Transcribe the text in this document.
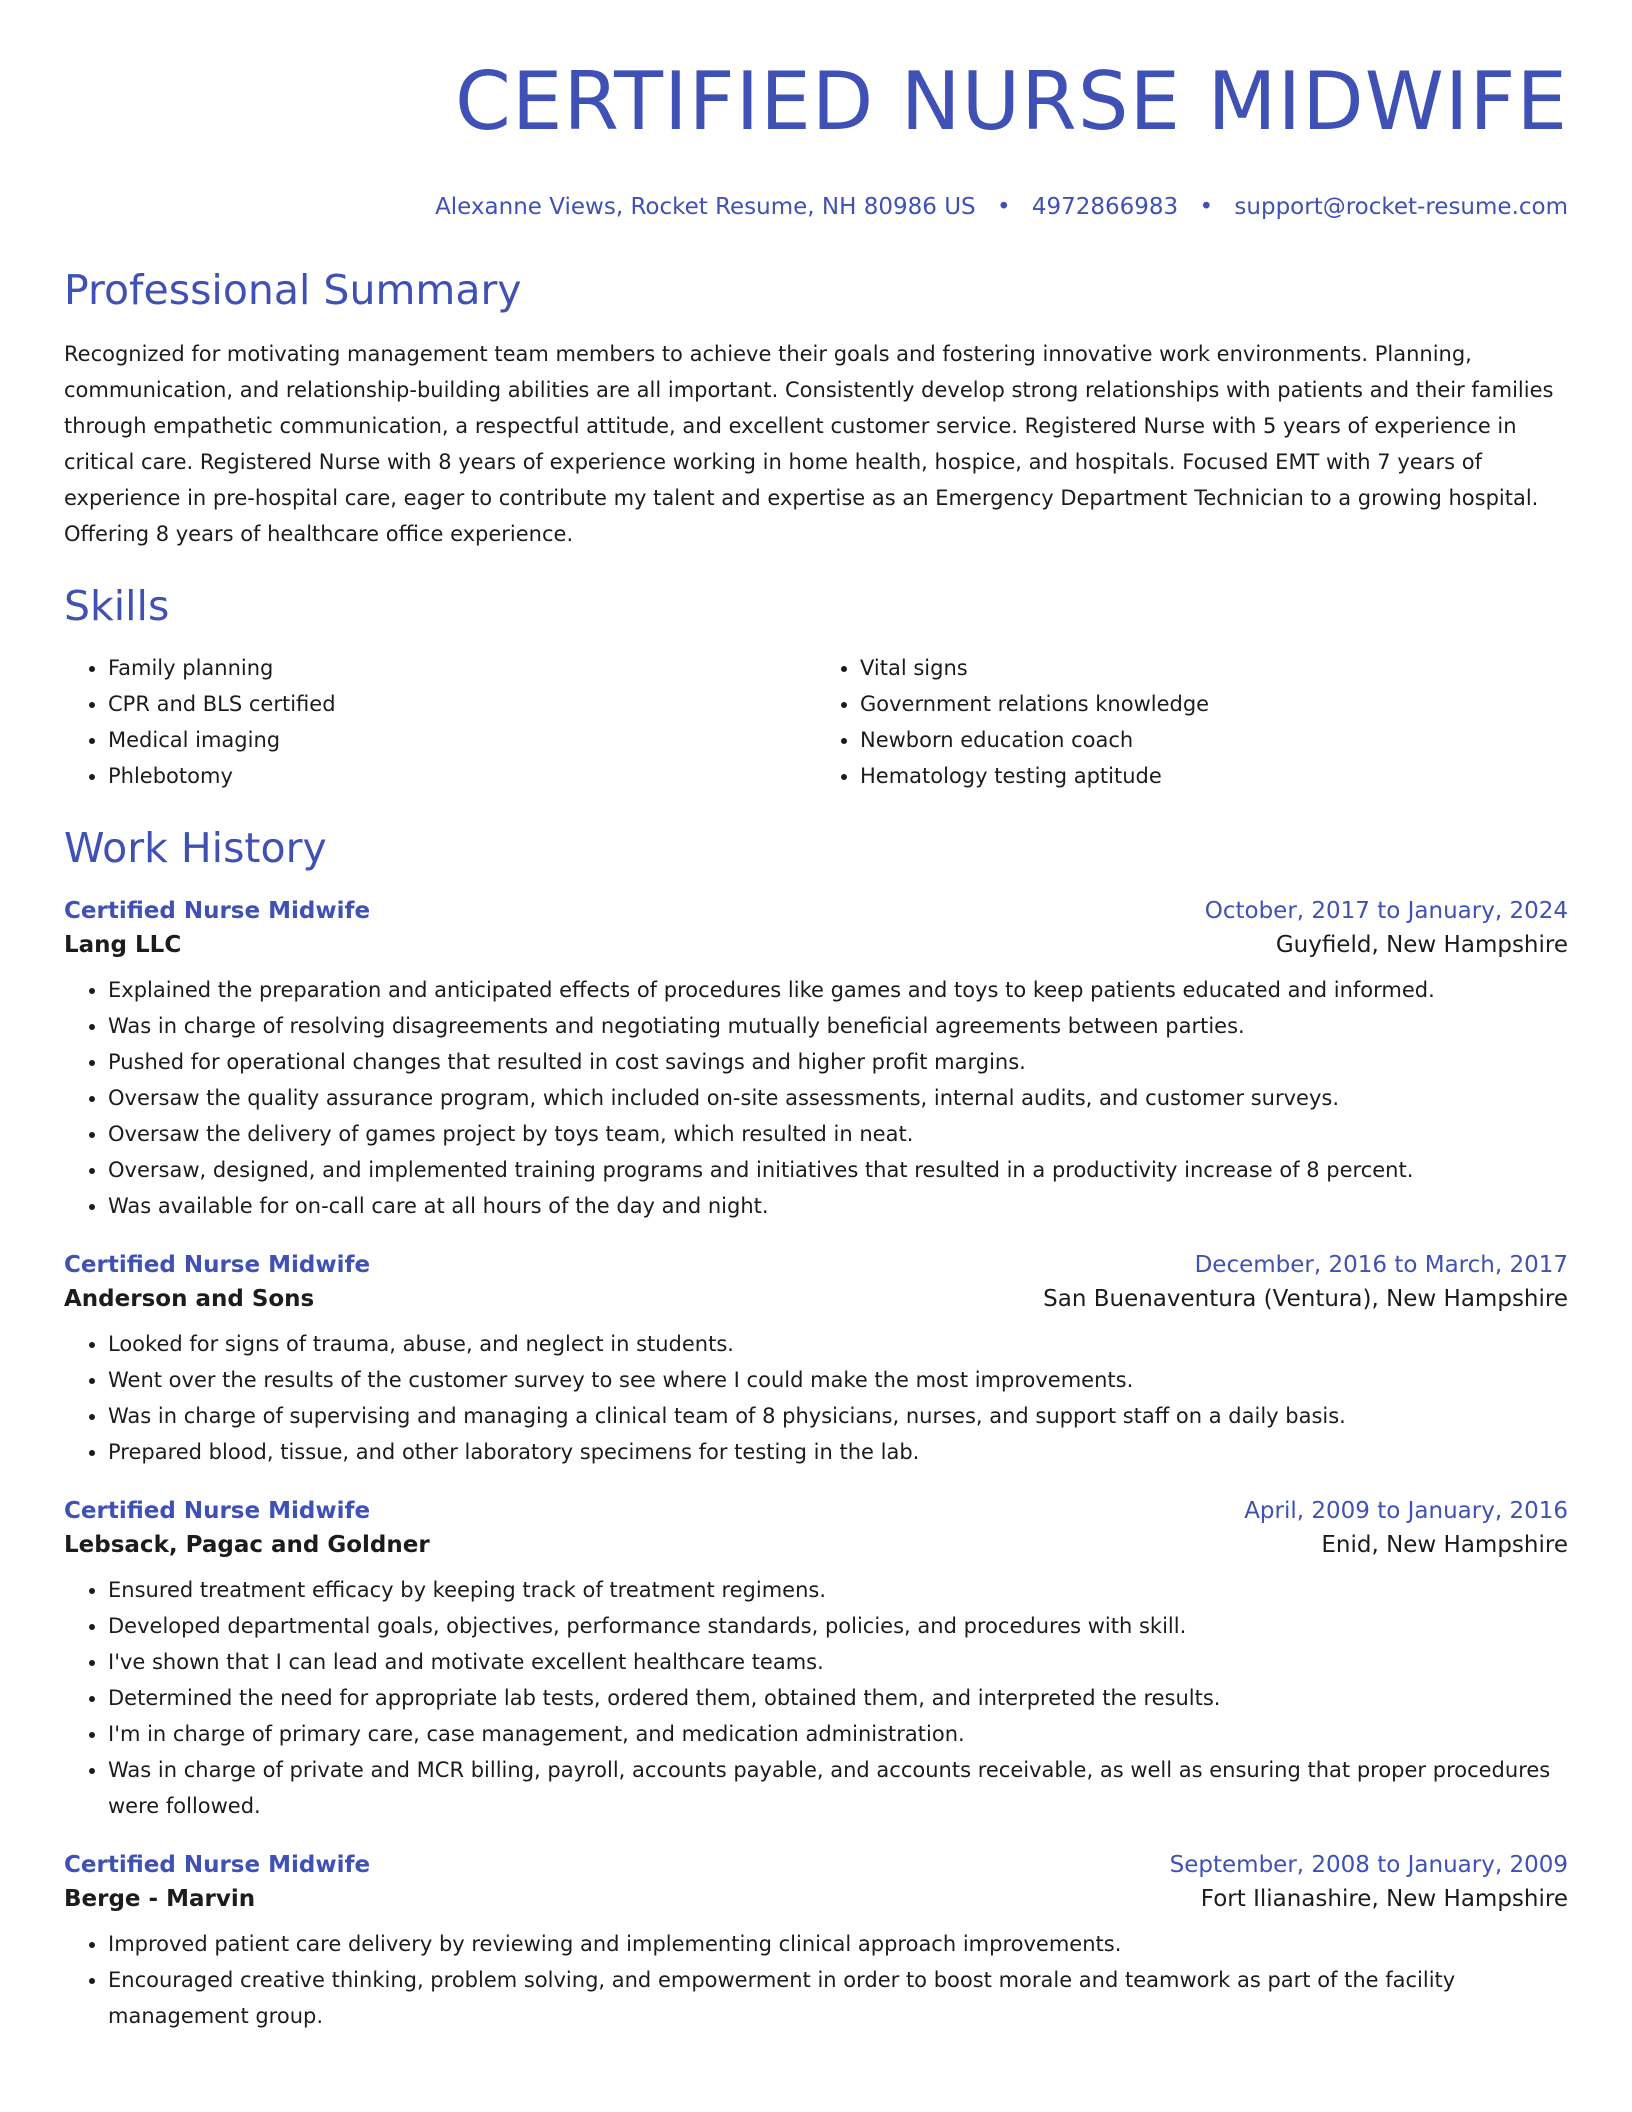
CERTIFIED NURSE MIDWIFE
Alexanne Views, Rocket Resume, NH 80986 US • 4972866983 • support@rocket-resume.com
Professional Summary
Recognized for motivating management team members to achieve their goals and fostering innovative work environments. Planning, communication, and relationship-building abilities are all important. Consistently develop strong relationships with patients and their families through empathetic communication, a respectful attitude, and excellent customer service. Registered Nurse with 5 years of experience in critical care. Registered Nurse with 8 years of experience working in home health, hospice, and hospitals. Focused EMT with 7 years of experience in pre-hospital care, eager to contribute my talent and expertise as an Emergency Department Technician to a growing hospital. Offering 8 years of healthcare office experience.
Skills
• Family planning
• CPR and BLS certified
• Medical imaging
• Phlebotomy
• Vital signs
• Government relations knowledge
• Newborn education coach
• Hematology testing aptitude
Work History
Certified Nurse Midwife	October, 2017 to January, 2024
Lang LLC	Guyfield, New Hampshire
• Explained the preparation and anticipated effects of procedures like games and toys to keep patients educated and informed.
• Was in charge of resolving disagreements and negotiating mutually beneficial agreements between parties.
• Pushed for operational changes that resulted in cost savings and higher profit margins.
• Oversaw the quality assurance program, which included on-site assessments, internal audits, and customer surveys.
• Oversaw the delivery of games project by toys team, which resulted in neat.
• Oversaw, designed, and implemented training programs and initiatives that resulted in a productivity increase of 8 percent.
• Was available for on-call care at all hours of the day and night.
Certified Nurse Midwife	December, 2016 to March, 2017
Anderson and Sons	San Buenaventura (Ventura), New Hampshire
• Looked for signs of trauma, abuse, and neglect in students.
• Went over the results of the customer survey to see where I could make the most improvements.
• Was in charge of supervising and managing a clinical team of 8 physicians, nurses, and support staff on a daily basis.
• Prepared blood, tissue, and other laboratory specimens for testing in the lab.
Certified Nurse Midwife	April, 2009 to January, 2016
Lebsack, Pagac and Goldner	Enid, New Hampshire
• Ensured treatment efficacy by keeping track of treatment regimens.
• Developed departmental goals, objectives, performance standards, policies, and procedures with skill.
• I've shown that I can lead and motivate excellent healthcare teams.
• Determined the need for appropriate lab tests, ordered them, obtained them, and interpreted the results.
• I'm in charge of primary care, case management, and medication administration.
• Was in charge of private and MCR billing, payroll, accounts payable, and accounts receivable, as well as ensuring that proper procedures were followed.
Certified Nurse Midwife	September, 2008 to January, 2009
Berge - Marvin	Fort Ilianashire, New Hampshire
• Improved patient care delivery by reviewing and implementing clinical approach improvements.
• Encouraged creative thinking, problem solving, and empowerment in order to boost morale and teamwork as part of the facility management group.
